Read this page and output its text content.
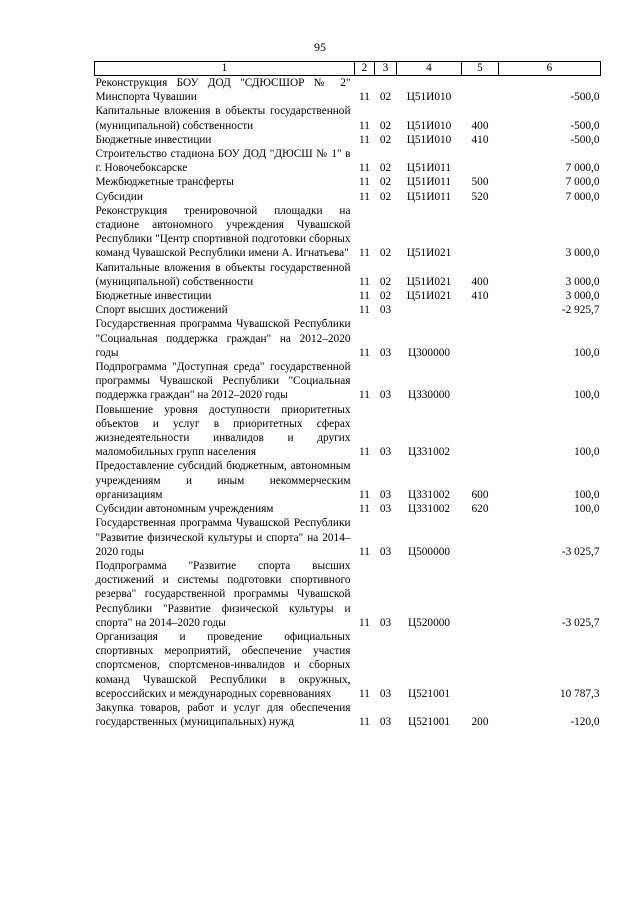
95
1	2	3	4	5	6
Реконструкция БОУ ДОД "СДЮСШОР № 2" Минспорта Чувашии	11	02	Ц51И010		-500,0
Капитальные вложения в объекты государственной (муниципальной) собственности	11	02	Ц51И010	400	-500,0
Бюджетные инвестиции	11	02	Ц51И010	410	-500,0
Строительство стадиона БОУ ДОД "ДЮСШ № 1" в г. Новочебоксарске	11	02	Ц51И011		7 000,0
Межбюджетные трансферты	11	02	Ц51И011	500	7 000,0
Субсидии	11	02	Ц51И011	520	7 000,0
Реконструкция тренировочной площадки на стадионе автономного учреждения Чувашской Республики "Центр спортивной подготовки сборных команд Чувашской Республики имени А. Игнатьева"	11	02	Ц51И021		3 000,0
Капитальные вложения в объекты государственной (муниципальной) собственности	11	02	Ц51И021	400	3 000,0
Бюджетные инвестиции	11	02	Ц51И021	410	3 000,0
Спорт высших достижений	11	03			-2 925,7
Государственная программа Чувашской Республики "Социальная поддержка граждан" на 2012–2020 годы	11	03	Ц300000		100,0
Подпрограмма "Доступная среда" государственной программы Чувашской Республики "Социальная поддержка граждан" на 2012–2020 годы	11	03	Ц330000		100,0
Повышение уровня доступности приоритетных объектов и услуг в приоритетных сферах жизнедеятельности инвалидов и других маломобильных групп населения	11	03	Ц331002		100,0
Предоставление субсидий бюджетным, автономным учреждениям и иным некоммерческим организациям	11	03	Ц331002	600	100,0
Субсидии автономным учреждениям	11	03	Ц331002	620	100,0
Государственная программа Чувашской Республики "Развитие физической культуры и спорта" на 2014–2020 годы	11	03	Ц500000		-3 025,7
Подпрограмма "Развитие спорта высших достижений и системы подготовки спортивного резерва" государственной программы Чувашской Республики "Развитие физической культуры и спорта" на 2014–2020 годы	11	03	Ц520000		-3 025,7
Организация и проведение официальных спортивных мероприятий, обеспечение участия спортсменов, спортсменов-инвалидов и сборных команд Чувашской Республики в окружных, всероссийских и международных соревнованиях	11	03	Ц521001		10 787,3
Закупка товаров, работ и услуг для обеспечения государственных (муниципальных) нужд	11	03	Ц521001	200	-120,0
